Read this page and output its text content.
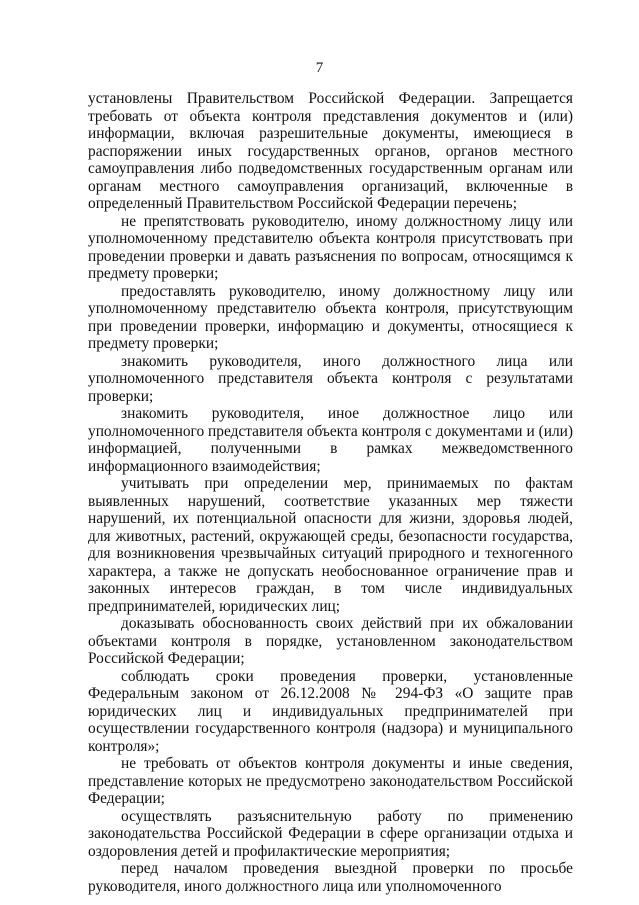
7

установлены Правительством Российской Федерации. Запрещается требовать от объекта контроля представления документов и (или) информации, включая разрешительные документы, имеющиеся в распоряжении иных государственных органов, органов местного самоуправления либо подведомственных государственным органам или органам местного самоуправления организаций, включенные в определенный Правительством Российской Федерации перечень;

не препятствовать руководителю, иному должностному лицу или уполномоченному представителю объекта контроля присутствовать при проведении проверки и давать разъяснения по вопросам, относящимся к предмету проверки;

предоставлять руководителю, иному должностному лицу или уполномоченному представителю объекта контроля, присутствующим при проведении проверки, информацию и документы, относящиеся к предмету проверки;

знакомить руководителя, иного должностного лица или уполномоченного представителя объекта контроля с результатами проверки;

знакомить руководителя, иное должностное лицо или уполномоченного представителя объекта контроля с документами и (или) информацией, полученными в рамках межведомственного информационного взаимодействия;

учитывать при определении мер, принимаемых по фактам выявленных нарушений, соответствие указанных мер тяжести нарушений, их потенциальной опасности для жизни, здоровья людей, для животных, растений, окружающей среды, безопасности государства, для возникновения чрезвычайных ситуаций природного и техногенного характера, а также не допускать необоснованное ограничение прав и законных интересов граждан, в том числе индивидуальных предпринимателей, юридических лиц;

доказывать обоснованность своих действий при их обжаловании объектами контроля в порядке, установленном законодательством Российской Федерации;

соблюдать сроки проведения проверки, установленные Федеральным законом от 26.12.2008 № 294-ФЗ «О защите прав юридических лиц и индивидуальных предпринимателей при осуществлении государственного контроля (надзора) и муниципального контроля»;

не требовать от объектов контроля документы и иные сведения, представление которых не предусмотрено законодательством Российской Федерации;

осуществлять разъяснительную работу по применению законодательства Российской Федерации в сфере организации отдыха и оздоровления детей и профилактические мероприятия;

перед началом проведения выездной проверки по просьбе руководителя, иного должностного лица или уполномоченного
